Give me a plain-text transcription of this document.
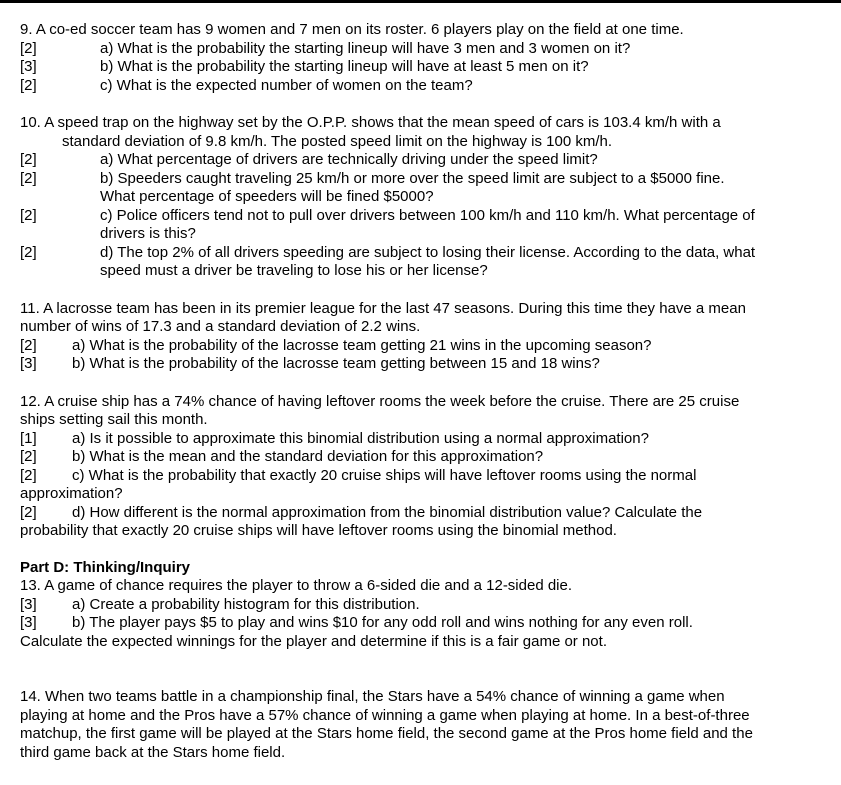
9. A co-ed soccer team has 9 women and 7 men on its roster. 6 players play on the field at one time.

[2]	a) What is the probability the starting lineup will have 3 men and 3 women on it?
[3]	b) What is the probability the starting lineup will have at least 5 men on it?
[2]	c) What is the expected number of women on the team?

10. A speed trap on the highway set by the O.P.P. shows that the mean speed of cars is 103.4 km/h with a

standard deviation of 9.8 km/h. The posted speed limit on the highway is 100 km/h.

[2]	a) What percentage of drivers are technically driving under the speed limit?
[2]	b) Speeders caught traveling 25 km/h or more over the speed limit are subject to a $5000 fine.
What percentage of speeders will be fined $5000?
[2]	c) Police officers tend not to pull over drivers between 100 km/h and 110 km/h. What percentage of
drivers is this?
[2]	d) The top 2% of all drivers speeding are subject to losing their license. According to the data, what
speed must a driver be traveling to lose his or her license?

11. A lacrosse team has been in its premier league for the last 47 seasons. During this time they have a mean

number of wins of 17.3 and a standard deviation of 2.2 wins.

[2]	a) What is the probability of the lacrosse team getting 21 wins in the upcoming season?
[3]	b) What is the probability of the lacrosse team getting between 15 and 18 wins?

12. A cruise ship has a 74% chance of having leftover rooms the week before the cruise. There are 25 cruise

ships setting sail this month.

[1]	a) Is it possible to approximate this binomial distribution using a normal approximation?
[2]	b) What is the mean and the standard deviation for this approximation?
[2]	c) What is the probability that exactly 20 cruise ships will have leftover rooms using the normal

approximation?

[2]	d) How different is the normal approximation from the binomial distribution value? Calculate the

probability that exactly 20 cruise ships will have leftover rooms using the binomial method.

Part D: Thinking/Inquiry

13. A game of chance requires the player to throw a 6-sided die and a 12-sided die.

[3]	a) Create a probability histogram for this distribution.
[3]	b) The player pays $5 to play and wins $10 for any odd roll and wins nothing for any even roll.

Calculate the expected winnings for the player and determine if this is a fair game or not.

14. When two teams battle in a championship final, the Stars have a 54% chance of winning a game when

playing at home and the Pros have a 57% chance of winning a game when playing at home. In a best-of-three

matchup, the first game will be played at the Stars home field, the second game at the Pros home field and the

third game back at the Stars home field.
